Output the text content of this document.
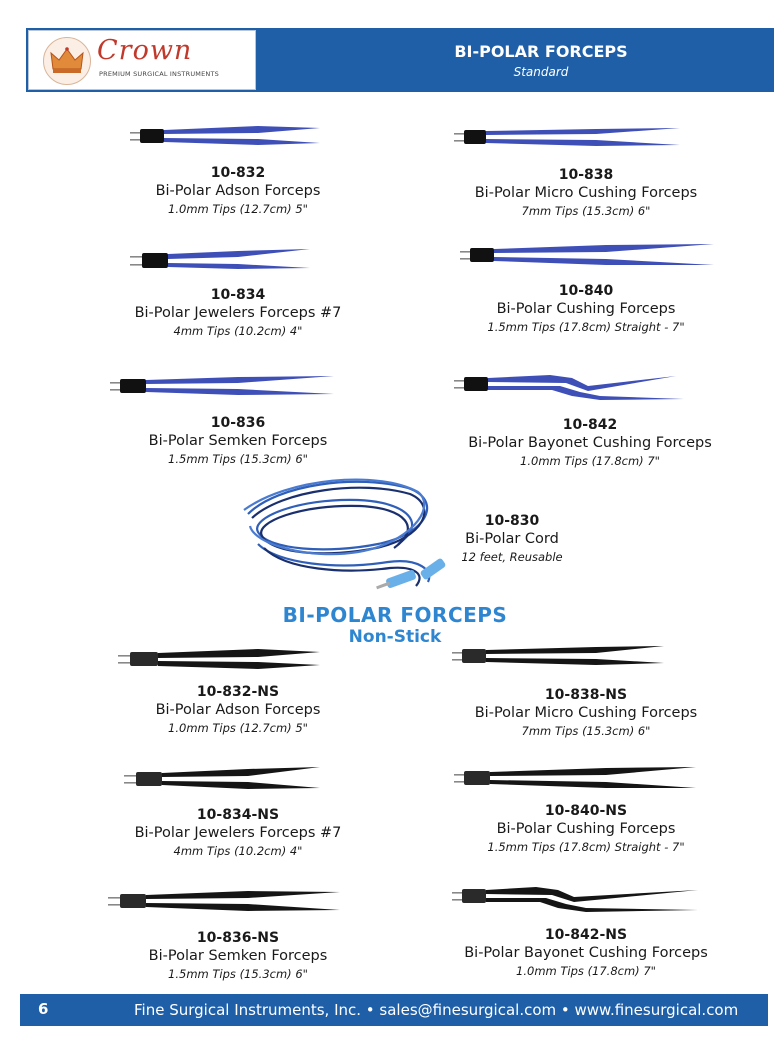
Crown
PREMIUM SURGICAL INSTRUMENTS
BI-POLAR FORCEPS
Standard
10-832
Bi-Polar Adson Forceps
1.0mm Tips (12.7cm) 5"
10-834
Bi-Polar Jewelers Forceps #7
4mm Tips (10.2cm) 4"
10-836
Bi-Polar Semken Forceps
1.5mm Tips (15.3cm) 6"
10-838
Bi-Polar Micro Cushing Forceps
7mm Tips (15.3cm) 6"
10-840
Bi-Polar Cushing Forceps
1.5mm Tips (17.8cm) Straight - 7"
10-842
Bi-Polar Bayonet Cushing Forceps
1.0mm Tips (17.8cm) 7"
10-830
Bi-Polar Cord
12 feet, Reusable
BI-POLAR FORCEPS
Non-Stick
10-832-NS
Bi-Polar Adson Forceps
1.0mm Tips (12.7cm) 5"
10-834-NS
Bi-Polar Jewelers Forceps #7
4mm Tips (10.2cm) 4"
10-836-NS
Bi-Polar Semken Forceps
1.5mm Tips (15.3cm) 6"
10-838-NS
Bi-Polar Micro Cushing Forceps
7mm Tips (15.3cm) 6"
10-840-NS
Bi-Polar Cushing Forceps
1.5mm Tips (17.8cm) Straight - 7"
10-842-NS
Bi-Polar Bayonet Cushing Forceps
1.0mm Tips (17.8cm) 7"
6	Fine Surgical Instruments, Inc. • sales@finesurgical.com • www.finesurgical.com
